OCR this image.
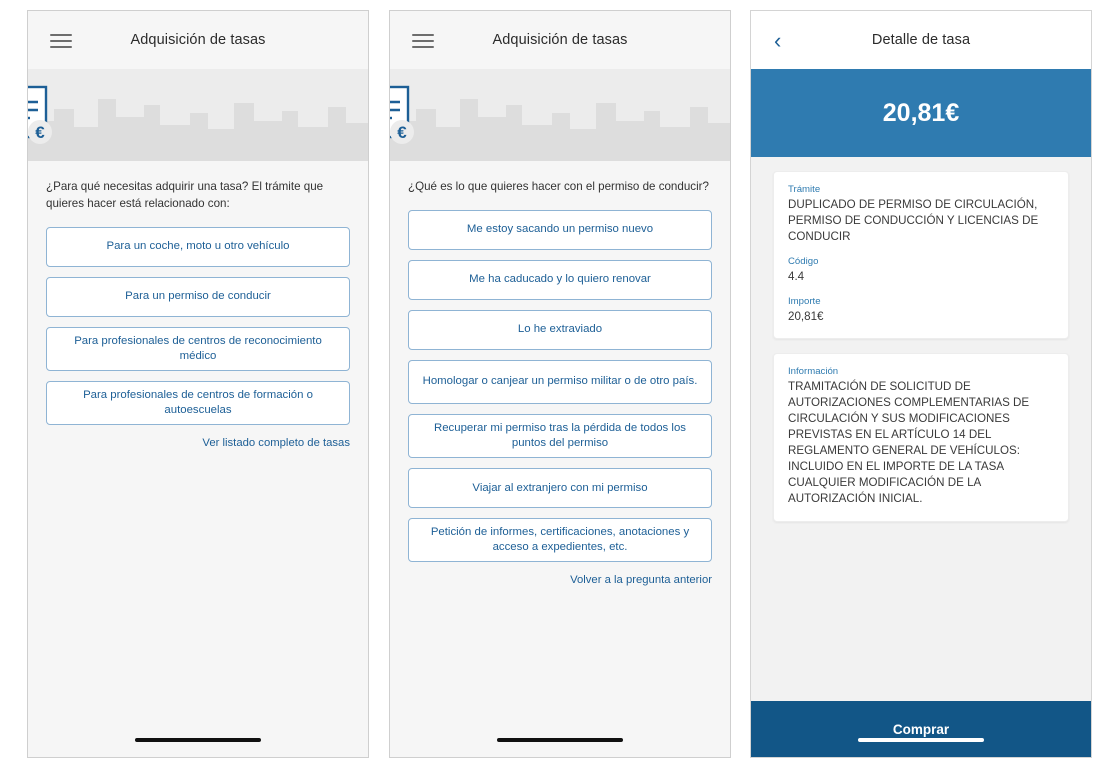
Adquisición de tasas
€
¿Para qué necesitas adquirir una tasa? El trámite que quieres hacer está relacionado con:
Para un coche, moto u otro vehículo
Para un permiso de conducir
Para profesionales de centros de reconocimiento médico
Para profesionales de centros de formación o autoescuelas
Ver listado completo de tasas
Adquisición de tasas
€
¿Qué es lo que quieres hacer con el permiso de conducir?
Me estoy sacando un permiso nuevo
Me ha caducado y lo quiero renovar
Lo he extraviado
Homologar o canjear un permiso militar o de otro país.
Recuperar mi permiso tras la pérdida de todos los puntos del permiso
Viajar al extranjero con mi permiso
Petición de informes, certificaciones, anotaciones y acceso a expedientes, etc.
Volver a la pregunta anterior
‹	Detalle de tasa
20,81€
Trámite
DUPLICADO DE PERMISO DE CIRCULACIÓN, PERMISO DE CONDUCCIÓN Y LICENCIAS DE CONDUCIR
Código
4.4
Importe
20,81€
Información
TRAMITACIÓN DE SOLICITUD DE AUTORIZACIONES COMPLEMENTARIAS DE CIRCULACIÓN Y SUS MODIFICACIONES PREVISTAS EN EL ARTÍCULO 14 DEL REGLAMENTO GENERAL DE VEHÍCULOS: INCLUIDO EN EL IMPORTE DE LA TASA CUALQUIER MODIFICACIÓN DE LA AUTORIZACIÓN INICIAL.
Comprar
